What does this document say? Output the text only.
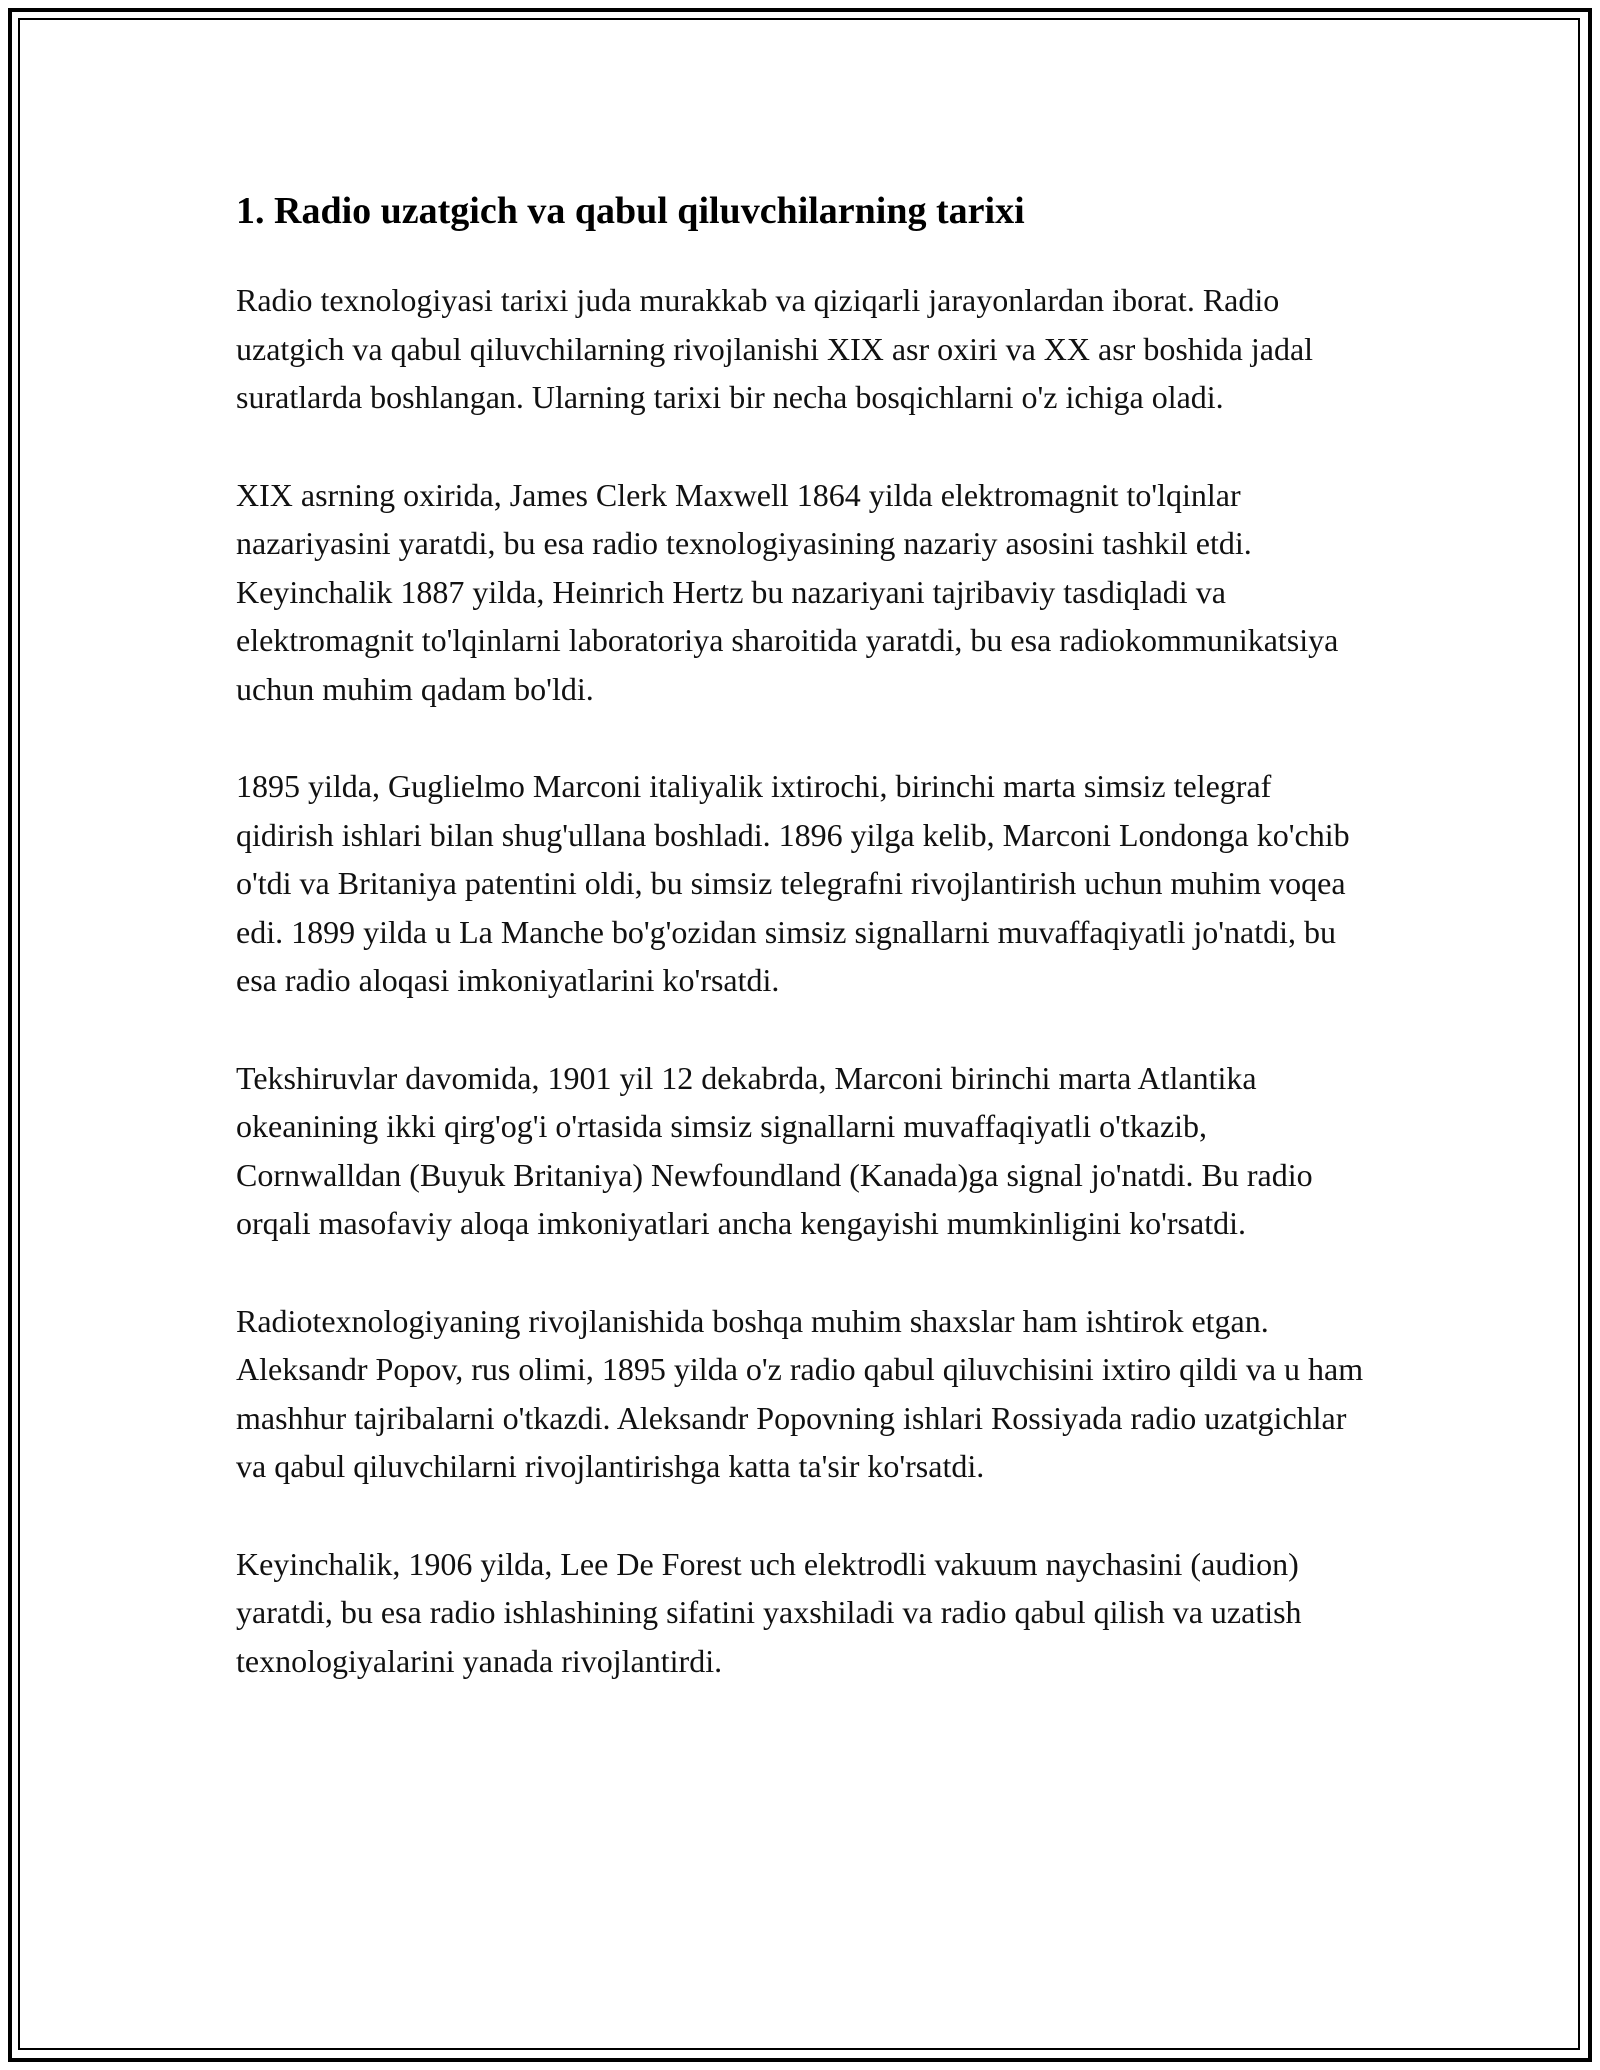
1. Radio uzatgich va qabul qiluvchilarning tarixi

Radio texnologiyasi tarixi juda murakkab va qiziqarli jarayonlardan iborat. Radio uzatgich va qabul qiluvchilarning rivojlanishi XIX asr oxiri va XX asr boshida jadal suratlarda boshlangan. Ularning tarixi bir necha bosqichlarni o'z ichiga oladi.

XIX asrning oxirida, James Clerk Maxwell 1864 yilda elektromagnit to'lqinlar nazariyasini yaratdi, bu esa radio texnologiyasining nazariy asosini tashkil etdi. Keyinchalik 1887 yilda, Heinrich Hertz bu nazariyani tajribaviy tasdiqladi va elektromagnit to'lqinlarni laboratoriya sharoitida yaratdi, bu esa radiokommunikatsiya uchun muhim qadam bo'ldi.

1895 yilda, Guglielmo Marconi italiyalik ixtirochi, birinchi marta simsiz telegraf qidirish ishlari bilan shug'ullana boshladi. 1896 yilga kelib, Marconi Londonga ko'chib o'tdi va Britaniya patentini oldi, bu simsiz telegrafni rivojlantirish uchun muhim voqea edi. 1899 yilda u La Manche bo'g'ozidan simsiz signallarni muvaffaqiyatli jo'natdi, bu esa radio aloqasi imkoniyatlarini ko'rsatdi.

Tekshiruvlar davomida, 1901 yil 12 dekabrda, Marconi birinchi marta Atlantika okeanining ikki qirg'og'i o'rtasida simsiz signallarni muvaffaqiyatli o'tkazib, Cornwalldan (Buyuk Britaniya) Newfoundland (Kanada)ga signal jo'natdi. Bu radio orqali masofaviy aloqa imkoniyatlari ancha kengayishi mumkinligini ko'rsatdi.

Radiotexnologiyaning rivojlanishida boshqa muhim shaxslar ham ishtirok etgan. Aleksandr Popov, rus olimi, 1895 yilda o'z radio qabul qiluvchisini ixtiro qildi va u ham mashhur tajribalarni o'tkazdi. Aleksandr Popovning ishlari Rossiyada radio uzatgichlar va qabul qiluvchilarni rivojlantirishga katta ta'sir ko'rsatdi.

Keyinchalik, 1906 yilda, Lee De Forest uch elektrodli vakuum naychasini (audion) yaratdi, bu esa radio ishlashining sifatini yaxshiladi va radio qabul qilish va uzatish texnologiyalarini yanada rivojlantirdi.
